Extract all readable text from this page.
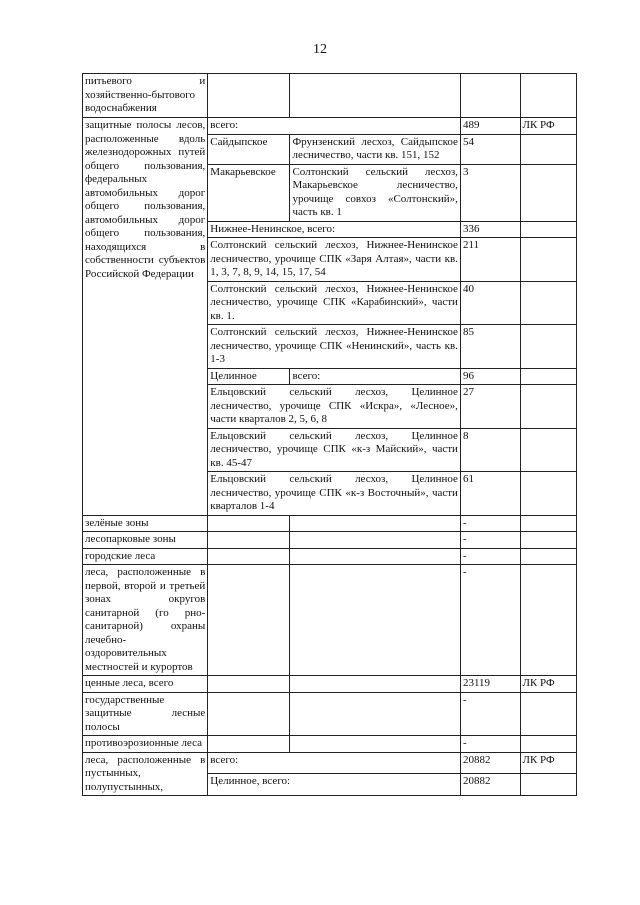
12
питьевого и хозяйственно-бытового водоснабжения				
защитные полосы лесов, расположенные вдоль железнодорожных путей общего пользования, федеральных автомобильных дорог общего пользования, автомобильных дорог общего пользования, находящихся в собственности субъектов Российской Федерации	всего:		489	ЛК РФ
	Сайдыпское	Фрунзенский лесхоз, Сайдыпское лесничество, части кв. 151, 152	54	
	Макарьевское	Солтонский сельский лесхоз, Макарьевское лесничество, урочище совхоз «Солтонский», часть кв. 1	3	
	Нижнее-Ненинское, всего:		336	
	Солтонский сельский лесхоз, Нижнее-Ненинское лесничество, урочище СПК «Заря Алтая», части кв. 1, 3, 7, 8, 9, 14, 15, 17, 54		211	
	Солтонский сельский лесхоз, Нижнее-Ненинское лесничество, урочище СПК «Карабинский», части кв. 1.		40	
	Солтонский сельский лесхоз, Нижнее-Ненинское лесничество, урочище СПК «Ненинский», часть кв. 1-3		85	
	Целинное	всего:	96	
	Ельцовский сельский лесхоз, Целинное лесничество, урочище СПК «Искра», «Лесное», части кварталов 2, 5, 6, 8		27	
	Ельцовский сельский лесхоз, Целинное лесничество, урочище СПК «к-з Майский», части кв. 45-47		8	
	Ельцовский сельский лесхоз, Целинное лесничество, урочище СПК «к-з Восточный», части кварталов 1-4		61	
зелёные зоны			-	
лесопарковые зоны			-	
городские леса			-	
леса, расположенные в первой, второй и третьей зонах округов санитарной (го рно-санитарной) охраны лечебно-оздоровительных местностей и курортов			-	
ценные леса, всего			23119	ЛК РФ
государственные защитные лесные полосы			-	
противоэрозионные леса			-	
леса, расположенные в пустынных, полупустынных,	всего:		20882	ЛК РФ
	Целинное, всего:		20882	
